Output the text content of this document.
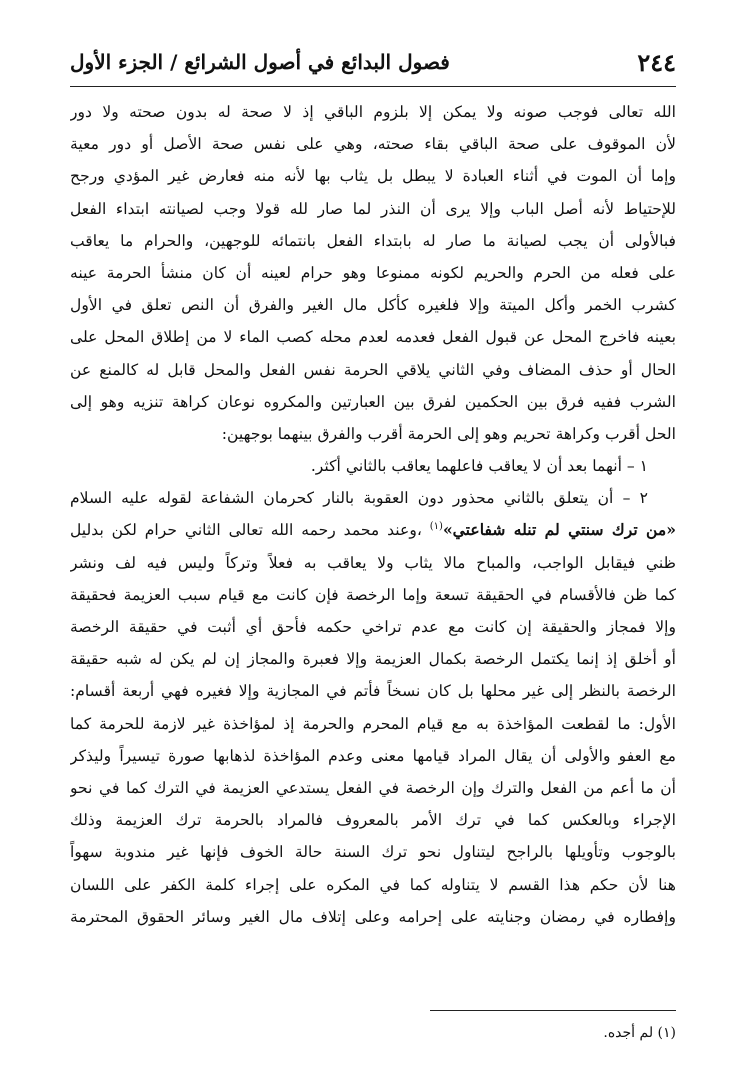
٢٤٤
فصول البدائع في أصول الشرائع / الجزء الأول
الله تعالى فوجب صونه ولا يمكن إلا بلزوم الباقي إذ لا صحة له بدون صحته ولا دور
لأن الموقوف على صحة الباقي بقاء صحته، وهي على نفس صحة الأصل أو دور معية
وإما أن الموت في أثناء العبادة لا يبطل بل يثاب بها لأنه منه فعارض غير المؤدي ورجح
للإحتياط لأنه أصل الباب وإلا يرى أن النذر لما صار لله قولا وجب لصيانته ابتداء الفعل
فبالأولى أن يجب لصيانة ما صار له بابتداء الفعل بانتمائه للوجهين، والحرام ما يعاقب
على فعله من الحرم والحريم لكونه ممنوعا وهو حرام لعينه أن كان منشأ الحرمة عينه
كشرب الخمر وأكل الميتة وإلا فلغيره كأكل مال الغير والفرق أن النص تعلق في الأول
بعينه فاخرج المحل عن قبول الفعل فعدمه لعدم محله كصب الماء لا من إطلاق المحل على
الحال أو حذف المضاف وفي الثاني يلاقي الحرمة نفس الفعل والمحل قابل له كالمنع عن
الشرب ففيه فرق بين الحكمين لفرق بين العبارتين والمكروه نوعان كراهة تنزيه وهو إلى
الحل أقرب وكراهة تحريم وهو إلى الحرمة أقرب والفرق بينهما بوجهين:
١ – أنهما بعد أن لا يعاقب فاعلهما يعاقب بالثاني أكثر.
٢ – أن يتعلق بالثاني محذور دون العقوبة بالنار كحرمان الشفاعة لقوله عليه السلام
«من ترك سنتي لم تنله شفاعتي»$^{(١)}$ ،وعند محمد رحمه الله تعالى الثاني حرام لكن بدليل
ظني فيقابل الواجب، والمباح مالا يثاب ولا يعاقب به فعلاً وتركاً وليس فيه لف ونشر
كما ظن فالأقسام في الحقيقة تسعة وإما الرخصة فإن كانت مع قيام سبب العزيمة فحقيقة
وإلا فمجاز والحقيقة إن كانت مع عدم تراخي حكمه فأحق أي أثبت في حقيقة الرخصة
أو أخلق إذ إنما يكتمل الرخصة بكمال العزيمة وإلا فعبرة والمجاز إن لم يكن له شبه حقيقة
الرخصة بالنظر إلى غير محلها بل كان نسخاً فأتم في المجازية وإلا فغيره فهي أربعة أقسام:
الأول: ما لقطعت المؤاخذة به مع قيام المحرم والحرمة إذ لمؤاخذة غير لازمة للحرمة كما
مع العفو والأولى أن يقال المراد قيامها معنى وعدم المؤاخذة لذهابها صورة تيسيراً وليذكر
أن ما أعم من الفعل والترك وإن الرخصة في الفعل يستدعي العزيمة في الترك كما في نحو
الإجراء وبالعكس كما في ترك الأمر بالمعروف فالمراد بالحرمة ترك العزيمة وذلك
بالوجوب وتأويلها بالراجح ليتناول نحو ترك السنة حالة الخوف فإنها غير مندوبة سهواً
هنا لأن حكم هذا القسم لا يتناوله كما في المكره على إجراء كلمة الكفر على اللسان
وإفطاره في رمضان وجنايته على إحرامه وعلى إتلاف مال الغير وسائر الحقوق المحترمة
(١) لم أجده.
